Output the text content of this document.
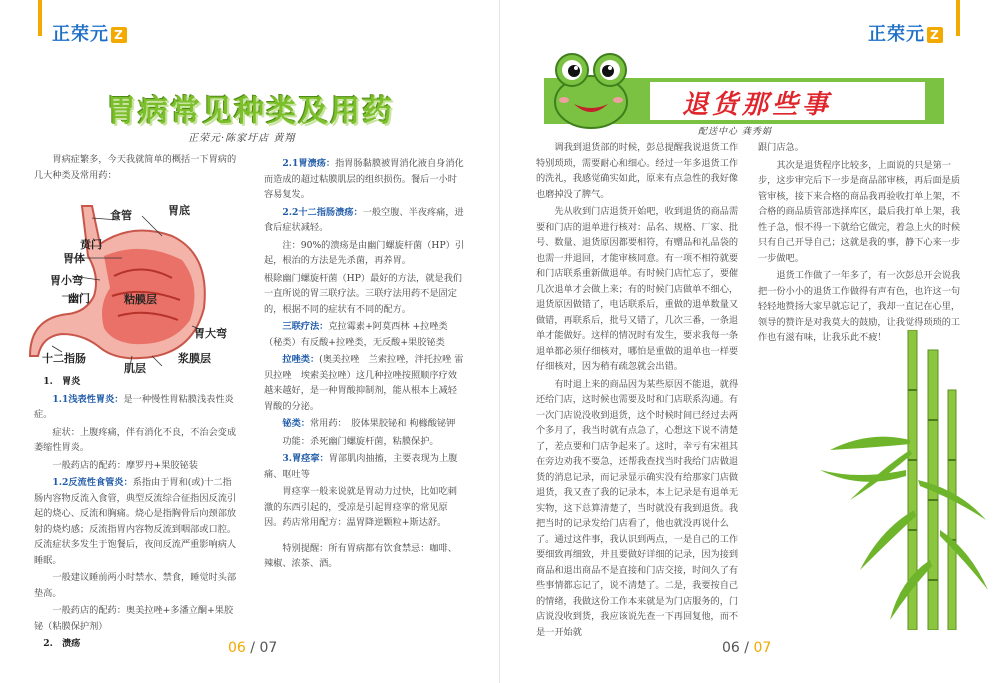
正荣元 Z
胃病常见种类及用药
正荣元·陈家圩店 黄翔

胃病症繁多，今天我就简单的概括一下胃病的几大种类及常用药：

食管	胃底
贲门
胃体
胃小弯
幽门	粘膜层
十二指肠
胃大弯
肌层
浆膜层

1.　胃炎

1.1浅表性胃炎：是一种慢性胃粘膜浅表性炎症。

症状：上腹疼痛，伴有消化不良，不治会变成萎缩性胃炎。

一般药店的配药：摩罗丹+果胶铋装

1.2反流性食管炎：系指由于胃和(或)十二指肠内容物反流入食管，典型反流综合征指因反流引起的烧心、反流和胸痛。烧心是指胸骨后向颈部放射的烧灼感；反流指胃内容物反流到咽部或口腔。反流症状多发生于饱餐后，夜间反流严重影响病人睡眠。

一般建议睡前两小时禁水、禁食，睡觉时头部垫高。

一般药店的配药：奥美拉唑+多潘立酮+果胶铋（粘膜保护剂）

2.　溃疡

2.1胃溃疡：指胃肠黏膜被胃消化液自身消化而造成的超过粘膜肌层的组织损伤。餐后一小时容易复发。

2.2十二指肠溃疡：一般空腹、半夜疼痛，进食后症状减轻。

注：90%的溃疡是由幽门螺旋杆菌（HP）引起，根治的方法是先杀菌，再养胃。

根除幽门螺旋杆菌（HP）最好的方法，就是我们一直所说的胃三联疗法。三联疗法用药不是固定的，根据不同的症状有不同的配方。

三联疗法：克拉霉素+阿莫西林 +拉唑类（秘类）有反酸+拉唑类，无反酸+果胶铋类

拉唑类：(奥美拉唑　兰索拉唑，泮托拉唑 雷贝拉唑　埃索美拉唑）这几种拉唑按照顺序疗效越来越好，是一种胃酸抑制剂，能从根本上减轻胃酸的分泌。

铋类：常用药：　胶体果胶铋和 枸橼酸铋钾

功能：杀死幽门螺旋杆菌，粘膜保护。

3.胃痉挛：胃部肌肉抽搐，主要表现为上腹痛、呕吐等

胃痉挛一般来说就是胃动力过快，比如吃刺激的东西引起的，受凉是引起胃痉挛的常见原因。药店常用配方：温胃降逆颗粒+斯达舒。

特别提醒：所有胃病都有饮食禁忌：咖啡、辣椒、浓茶、酒。

06 / 07
正荣元 Z
退货那些事
配送中心 龚秀娟

调我到退货部的时候，彭总提醒我说退货工作特别琐琐，需要耐心和细心。经过一年多退货工作的洗礼，我感觉确实如此，原来有点急性的我好像也磨掉没了脾气。

先从收到门店退货开始吧，收到退货的商品需要和门店的退单进行核对：品名、规格、厂家、批号、数量、退货原因都要相符，有赠品和礼品袋的也需一并退回，才能审核同意。有一项不相符就要和门店联系重新做退单。有时候门店忙忘了，要催几次退单才会做上来；有的时候门店做单不细心，退货原因做错了，电话联系后，重做的退单数量又做错，再联系后，批号又错了，几次三番，一条退单才能做好。这样的情况时有发生，要求我每一条退单都必须仔细核对，哪怕是重做的退单也一样要仔细核对，因为稍有疏忽就会出错。

有时退上来的商品因为某些原因不能退，就得还给门店，这时候也需要及时和门店联系沟通。有一次门店说没收到退货，这个时候时间已经过去两个多月了，我当时就有点急了，心想这下说不清楚了，差点要和门店争起来了。这时，幸亏有宋祖其在旁边劝我不要急，还帮我查找当时我给门店做退货的消息记录，而记录显示确实没有给那家门店做退货，我又查了我的记录本，本上记录是有退单无实物，这下总算清楚了，当时就没有我到退货。我把当时的记录发给门店看了，他也就没再说什么了。通过这件事，我认识到两点，一是自己的工作要细致再细致，并且要做好详细的记录，因为接到商品和退出商品不是直接和门店交接，时间久了有些事情都忘记了，说不清楚了。二是，我要按自己的情绪，我做这份工作本来就是为门店服务的，门店说没收到货，我应该说先查一下再回复他，而不是一开始就

跟门店急。

其次是退货程序比较多，上面说的只是第一步，这步审完后下一步是商品部审核，再后面是质管审核，接下来合格的商品我再验收打单上架，不合格的商品质管部选择库区，最后我打单上架，我性子急，恨不得一下就给它做完，着急上火的时候只有自己开导自己；这就是我的事，静下心来一步一步做吧。

退货工作做了一年多了，有一次彭总开会说我把一份小小的退货工作做得有声有色，也许这一句轻轻地赞扬大家早就忘记了，我却一直记在心里，领导的赞许是对我莫大的鼓励，让我觉得琐琐的工作也有滋有味，让我乐此不疲！

06 / 07
